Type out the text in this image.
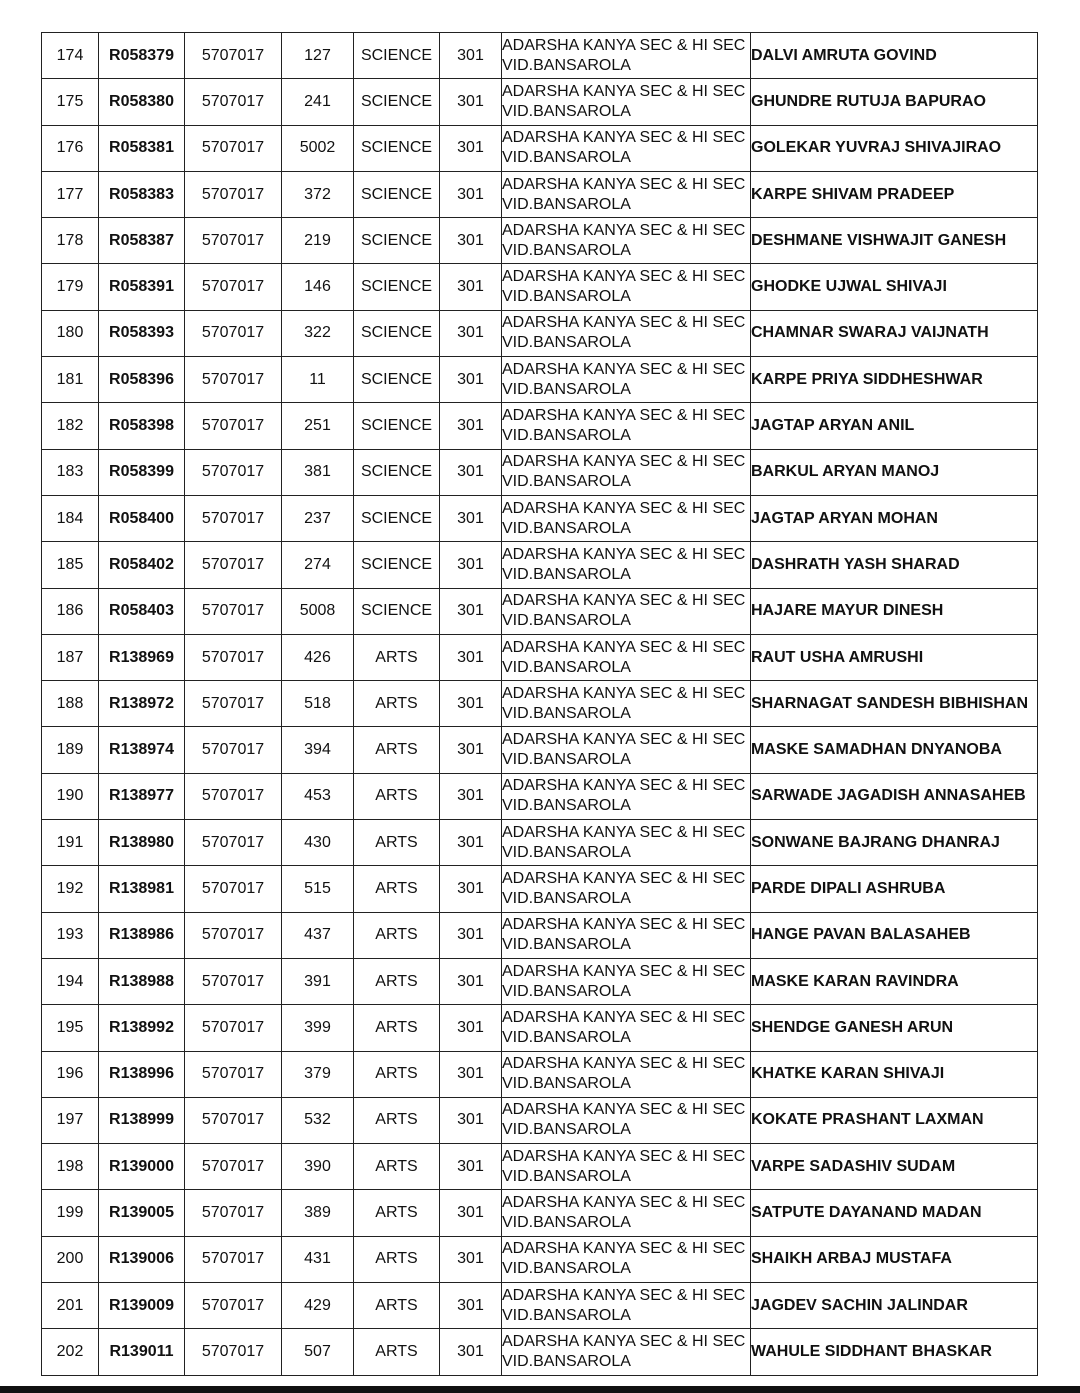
174	R058379	5707017	127	SCIENCE	301	ADARSHA KANYA SEC & HI SEC
VID.BANSAROLA	DALVI AMRUTA GOVIND
175	R058380	5707017	241	SCIENCE	301	ADARSHA KANYA SEC & HI SEC
VID.BANSAROLA	GHUNDRE RUTUJA BAPURAO
176	R058381	5707017	5002	SCIENCE	301	ADARSHA KANYA SEC & HI SEC
VID.BANSAROLA	GOLEKAR YUVRAJ SHIVAJIRAO
177	R058383	5707017	372	SCIENCE	301	ADARSHA KANYA SEC & HI SEC
VID.BANSAROLA	KARPE SHIVAM PRADEEP
178	R058387	5707017	219	SCIENCE	301	ADARSHA KANYA SEC & HI SEC
VID.BANSAROLA	DESHMANE VISHWAJIT GANESH
179	R058391	5707017	146	SCIENCE	301	ADARSHA KANYA SEC & HI SEC
VID.BANSAROLA	GHODKE UJWAL SHIVAJI
180	R058393	5707017	322	SCIENCE	301	ADARSHA KANYA SEC & HI SEC
VID.BANSAROLA	CHAMNAR SWARAJ VAIJNATH
181	R058396	5707017	11	SCIENCE	301	ADARSHA KANYA SEC & HI SEC
VID.BANSAROLA	KARPE PRIYA SIDDHESHWAR
182	R058398	5707017	251	SCIENCE	301	ADARSHA KANYA SEC & HI SEC
VID.BANSAROLA	JAGTAP ARYAN ANIL
183	R058399	5707017	381	SCIENCE	301	ADARSHA KANYA SEC & HI SEC
VID.BANSAROLA	BARKUL ARYAN MANOJ
184	R058400	5707017	237	SCIENCE	301	ADARSHA KANYA SEC & HI SEC
VID.BANSAROLA	JAGTAP ARYAN MOHAN
185	R058402	5707017	274	SCIENCE	301	ADARSHA KANYA SEC & HI SEC
VID.BANSAROLA	DASHRATH YASH SHARAD
186	R058403	5707017	5008	SCIENCE	301	ADARSHA KANYA SEC & HI SEC
VID.BANSAROLA	HAJARE MAYUR DINESH
187	R138969	5707017	426	ARTS	301	ADARSHA KANYA SEC & HI SEC
VID.BANSAROLA	RAUT USHA AMRUSHI
188	R138972	5707017	518	ARTS	301	ADARSHA KANYA SEC & HI SEC
VID.BANSAROLA	SHARNAGAT SANDESH BIBHISHAN
189	R138974	5707017	394	ARTS	301	ADARSHA KANYA SEC & HI SEC
VID.BANSAROLA	MASKE SAMADHAN DNYANOBA
190	R138977	5707017	453	ARTS	301	ADARSHA KANYA SEC & HI SEC
VID.BANSAROLA	SARWADE JAGADISH ANNASAHEB
191	R138980	5707017	430	ARTS	301	ADARSHA KANYA SEC & HI SEC
VID.BANSAROLA	SONWANE BAJRANG DHANRAJ
192	R138981	5707017	515	ARTS	301	ADARSHA KANYA SEC & HI SEC
VID.BANSAROLA	PARDE DIPALI ASHRUBA
193	R138986	5707017	437	ARTS	301	ADARSHA KANYA SEC & HI SEC
VID.BANSAROLA	HANGE PAVAN BALASAHEB
194	R138988	5707017	391	ARTS	301	ADARSHA KANYA SEC & HI SEC
VID.BANSAROLA	MASKE KARAN RAVINDRA
195	R138992	5707017	399	ARTS	301	ADARSHA KANYA SEC & HI SEC
VID.BANSAROLA	SHENDGE GANESH ARUN
196	R138996	5707017	379	ARTS	301	ADARSHA KANYA SEC & HI SEC
VID.BANSAROLA	KHATKE KARAN SHIVAJI
197	R138999	5707017	532	ARTS	301	ADARSHA KANYA SEC & HI SEC
VID.BANSAROLA	KOKATE PRASHANT LAXMAN
198	R139000	5707017	390	ARTS	301	ADARSHA KANYA SEC & HI SEC
VID.BANSAROLA	VARPE SADASHIV SUDAM
199	R139005	5707017	389	ARTS	301	ADARSHA KANYA SEC & HI SEC
VID.BANSAROLA	SATPUTE DAYANAND MADAN
200	R139006	5707017	431	ARTS	301	ADARSHA KANYA SEC & HI SEC
VID.BANSAROLA	SHAIKH ARBAJ MUSTAFA
201	R139009	5707017	429	ARTS	301	ADARSHA KANYA SEC & HI SEC
VID.BANSAROLA	JAGDEV SACHIN JALINDAR
202	R139011	5707017	507	ARTS	301	ADARSHA KANYA SEC & HI SEC
VID.BANSAROLA	WAHULE SIDDHANT BHASKAR
